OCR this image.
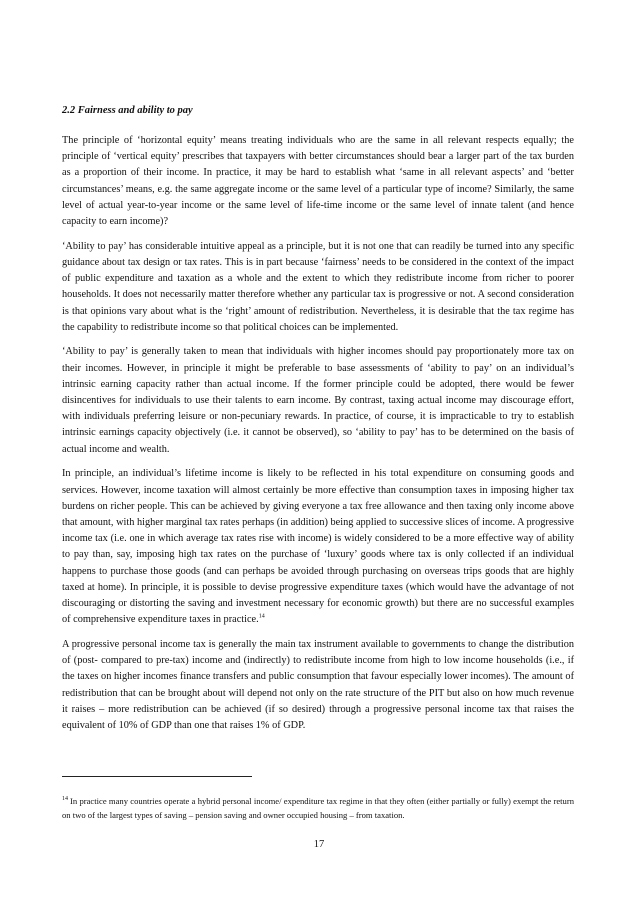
2.2 Fairness and ability to pay

The principle of ‘horizontal equity’ means treating individuals who are the same in all relevant respects equally; the principle of ‘vertical equity’ prescribes that taxpayers with better circumstances should bear a larger part of the tax burden as a proportion of their income. In practice, it may be hard to establish what ‘same in all relevant aspects’ and ‘better circumstances’ means, e.g. the same aggregate income or the same level of a particular type of income? Similarly, the same level of actual year-to-year income or the same level of life-time income or the same level of innate talent (and hence capacity to earn income)?

‘Ability to pay’ has considerable intuitive appeal as a principle, but it is not one that can readily be turned into any specific guidance about tax design or tax rates. This is in part because ‘fairness’ needs to be considered in the context of the impact of public expenditure and taxation as a whole and the extent to which they redistribute income from richer to poorer households. It does not necessarily matter therefore whether any particular tax is progressive or not. A second consideration is that opinions vary about what is the ‘right’ amount of redistribution. Nevertheless, it is desirable that the tax regime has the capability to redistribute income so that political choices can be implemented.

‘Ability to pay’ is generally taken to mean that individuals with higher incomes should pay proportionately more tax on their incomes. However, in principle it might be preferable to base assessments of ‘ability to pay’ on an individual’s intrinsic earning capacity rather than actual income. If the former principle could be adopted, there would be fewer disincentives for individuals to use their talents to earn income. By contrast, taxing actual income may discourage effort, with individuals preferring leisure or non-pecuniary rewards. In practice, of course, it is impracticable to try to establish intrinsic earnings capacity objectively (i.e. it cannot be observed), so ‘ability to pay’ has to be determined on the basis of actual income and wealth.

In principle, an individual’s lifetime income is likely to be reflected in his total expenditure on consuming goods and services. However, income taxation will almost certainly be more effective than consumption taxes in imposing higher tax burdens on richer people. This can be achieved by giving everyone a tax free allowance and then taxing only income above that amount, with higher marginal tax rates perhaps (in addition) being applied to successive slices of income. A progressive income tax (i.e. one in which average tax rates rise with income) is widely considered to be a more effective way of ability to pay than, say, imposing high tax rates on the purchase of ‘luxury’ goods where tax is only collected if an individual happens to purchase those goods (and can perhaps be avoided through purchasing on overseas trips goods that are highly taxed at home). In principle, it is possible to devise progressive expenditure taxes (which would have the advantage of not discouraging or distorting the saving and investment necessary for economic growth) but there are no successful examples of comprehensive expenditure taxes in practice.$^{14}$

A progressive personal income tax is generally the main tax instrument available to governments to change the distribution of (post- compared to pre-tax) income and (indirectly) to redistribute income from high to low income households (i.e., if the taxes on higher incomes finance transfers and public consumption that favour especially lower incomes). The amount of redistribution that can be brought about will depend not only on the rate structure of the PIT but also on how much revenue it raises – more redistribution can be achieved (if so desired) through a progressive personal income tax that raises the equivalent of 10% of GDP than one that raises 1% of GDP.

$^{14}$ In practice many countries operate a hybrid personal income/ expenditure tax regime in that they often (either partially or fully) exempt the return on two of the largest types of saving – pension saving and owner occupied housing – from taxation.
17
